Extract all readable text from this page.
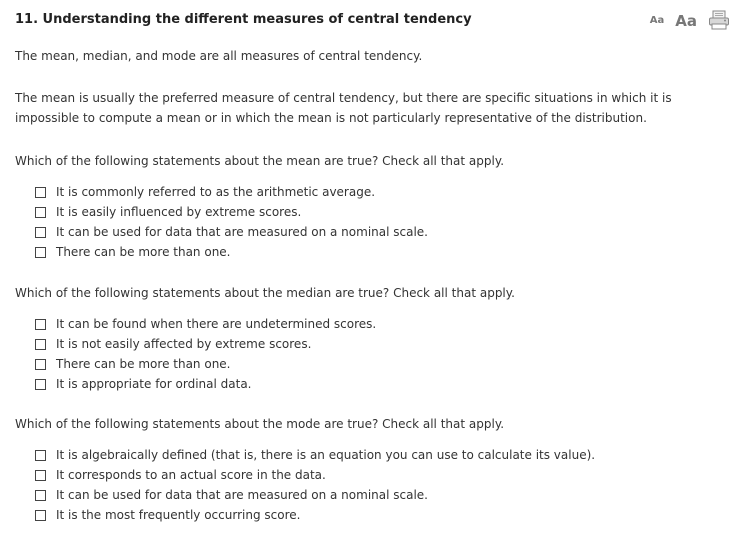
11. Understanding the different measures of central tendency	Aa Aa

The mean, median, and mode are all measures of central tendency.

The mean is usually the preferred measure of central tendency, but there are specific situations in which it is impossible to compute a mean or in which the mean is not particularly representative of the distribution.

Which of the following statements about the mean are true? Check all that apply.

It is commonly referred to as the arithmetic average.
It is easily influenced by extreme scores.
It can be used for data that are measured on a nominal scale.
There can be more than one.

Which of the following statements about the median are true? Check all that apply.

It can be found when there are undetermined scores.
It is not easily affected by extreme scores.
There can be more than one.
It is appropriate for ordinal data.

Which of the following statements about the mode are true? Check all that apply.

It is algebraically defined (that is, there is an equation you can use to calculate its value).
It corresponds to an actual score in the data.
It can be used for data that are measured on a nominal scale.
It is the most frequently occurring score.
